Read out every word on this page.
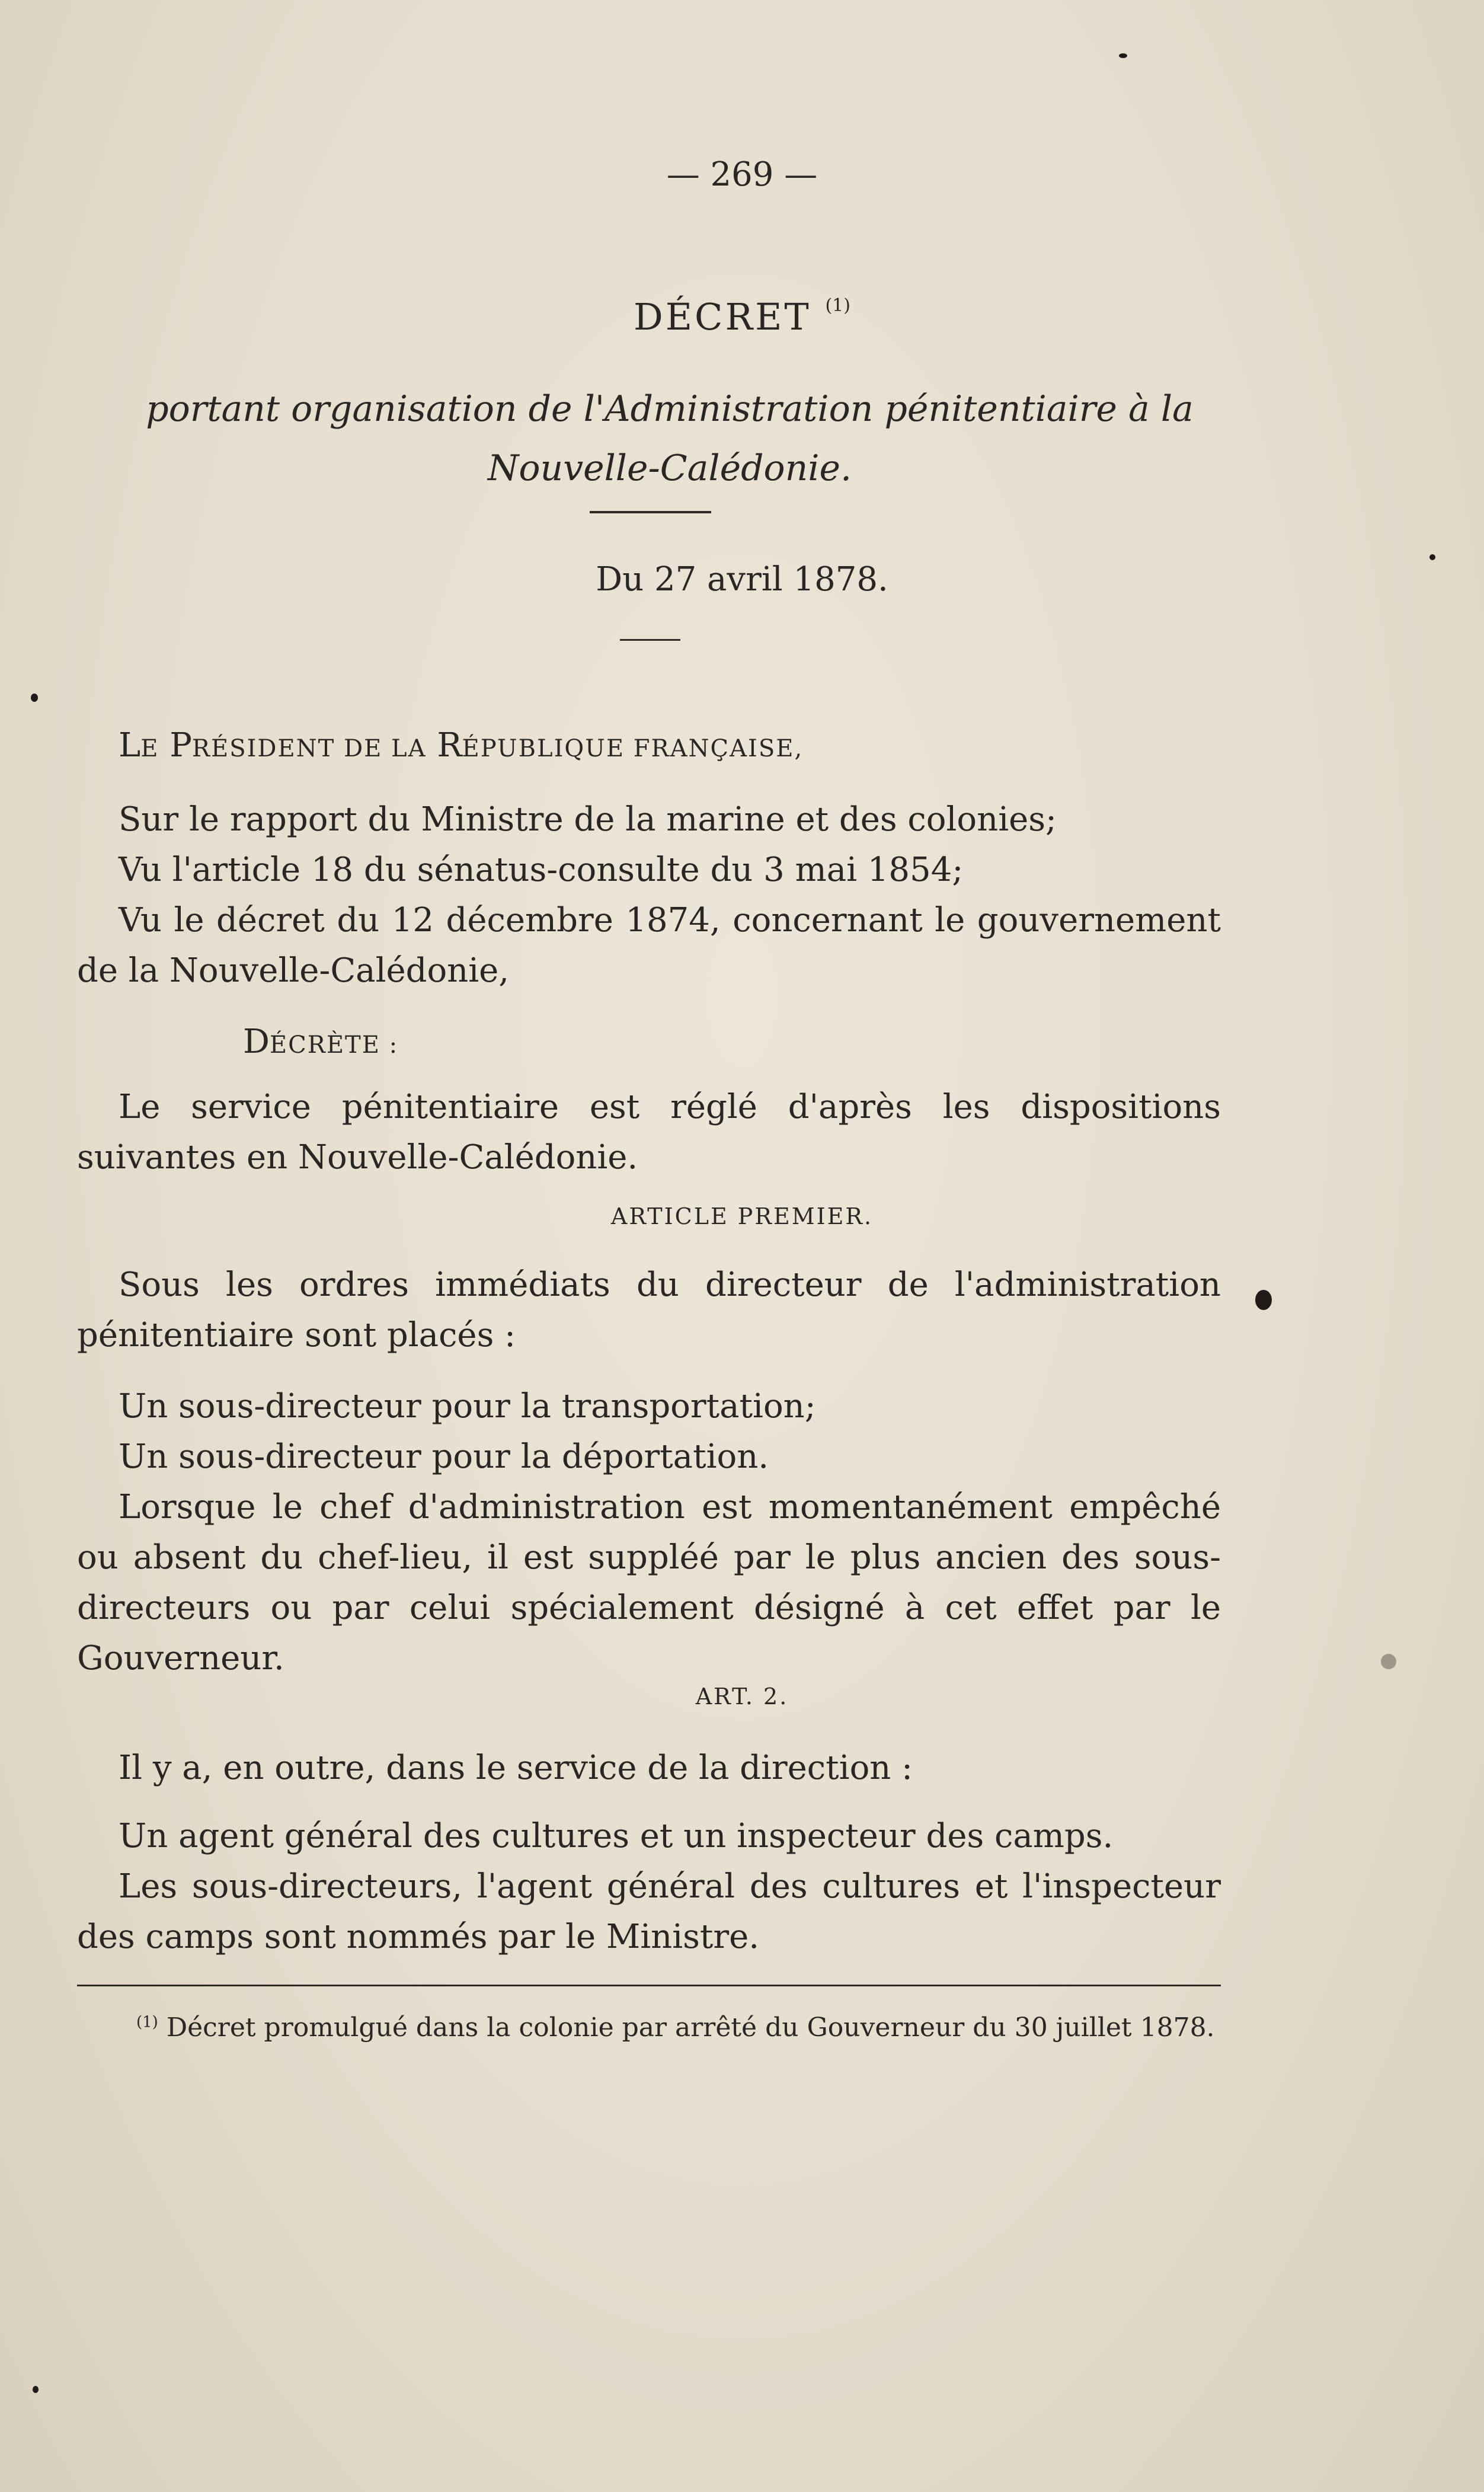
— 269 —
DÉCRET $^{(1)}$
portant organisation de l'Administration pénitentiaire à la Nouvelle-Calédonie.
Du 27 avril 1878.
LE PRÉSIDENT DE LA RÉPUBLIQUE FRANÇAISE,
Sur le rapport du Ministre de la marine et des colonies;
Vu l'article 18 du sénatus-consulte du 3 mai 1854;
Vu le décret du 12 décembre 1874, concernant le gouvernement de la Nouvelle-Calédonie,
DÉCRÈTE :
Le service pénitentiaire est réglé d'après les dispositions suivantes en Nouvelle-Calédonie.
ARTICLE PREMIER.
Sous les ordres immédiats du directeur de l'administration pénitentiaire sont placés :
Un sous-directeur pour la transportation;
Un sous-directeur pour la déportation.
Lorsque le chef d'administration est momentanément empêché ou absent du chef-lieu, il est suppléé par le plus ancien des sous-directeurs ou par celui spécialement désigné à cet effet par le Gouverneur.
ART. 2.
Il y a, en outre, dans le service de la direction :
Un agent général des cultures et un inspecteur des camps.
Les sous-directeurs, l'agent général des cultures et l'inspecteur des camps sont nommés par le Ministre.
$^{(1)}$ Décret promulgué dans la colonie par arrêté du Gouverneur du 30 juillet 1878.
